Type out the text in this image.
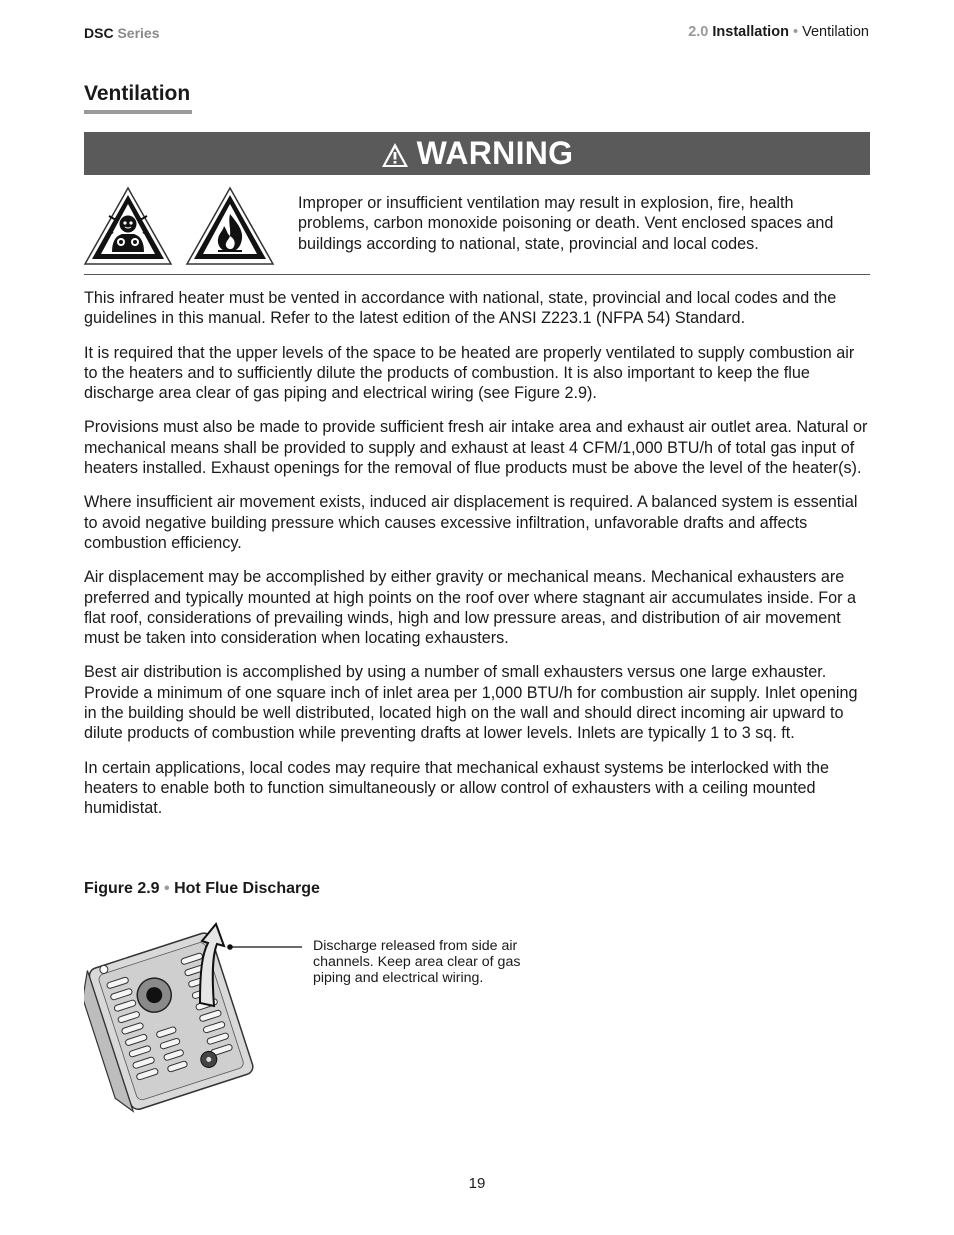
DSC Series	2.0 Installation • Ventilation
Ventilation
WARNING

Improper or insufficient ventilation may result in explosion, fire, health problems, carbon monoxide poisoning or death. Vent enclosed spaces and buildings according to national, state, provincial and local codes.

This infrared heater must be vented in accordance with national, state, provincial and local codes and the guidelines in this manual. Refer to the latest edition of the ANSI Z223.1 (NFPA 54) Standard.

It is required that the upper levels of the space to be heated are properly ventilated to supply combustion air to the heaters and to sufficiently dilute the products of combustion. It is also important to keep the flue discharge area clear of gas piping and electrical wiring (see Figure 2.9).

Provisions must also be made to provide sufficient fresh air intake area and exhaust air outlet area. Natural or mechanical means shall be provided to supply and exhaust at least 4 CFM/1,000 BTU/h of total gas input of heaters installed. Exhaust openings for the removal of flue products must be above the level of the heater(s).

Where insufficient air movement exists, induced air displacement is required. A balanced system is essential to avoid negative building pressure which causes excessive infiltration, unfavorable drafts and affects combustion efficiency.

Air displacement may be accomplished by either gravity or mechanical means. Mechanical exhausters are preferred and typically mounted at high points on the roof over where stagnant air accumulates inside. For a flat roof, considerations of prevailing winds, high and low pressure areas, and distribution of air movement must be taken into consideration when locating exhausters.

Best air distribution is accomplished by using a number of small exhausters versus one large exhauster. Provide a minimum of one square inch of inlet area per 1,000 BTU/h for combustion air supply. Inlet opening in the building should be well distributed, located high on the wall and should direct incoming air upward to dilute products of combustion while preventing drafts at lower levels. Inlets are typically 1 to 3 sq. ft.

In certain applications, local codes may require that mechanical exhaust systems be interlocked with the heaters to enable both to function simultaneously or allow control of exhausters with a ceiling mounted humidistat.

Figure 2.9 • Hot Flue Discharge

Discharge released from side air channels. Keep area clear of gas piping and electrical wiring.

19
